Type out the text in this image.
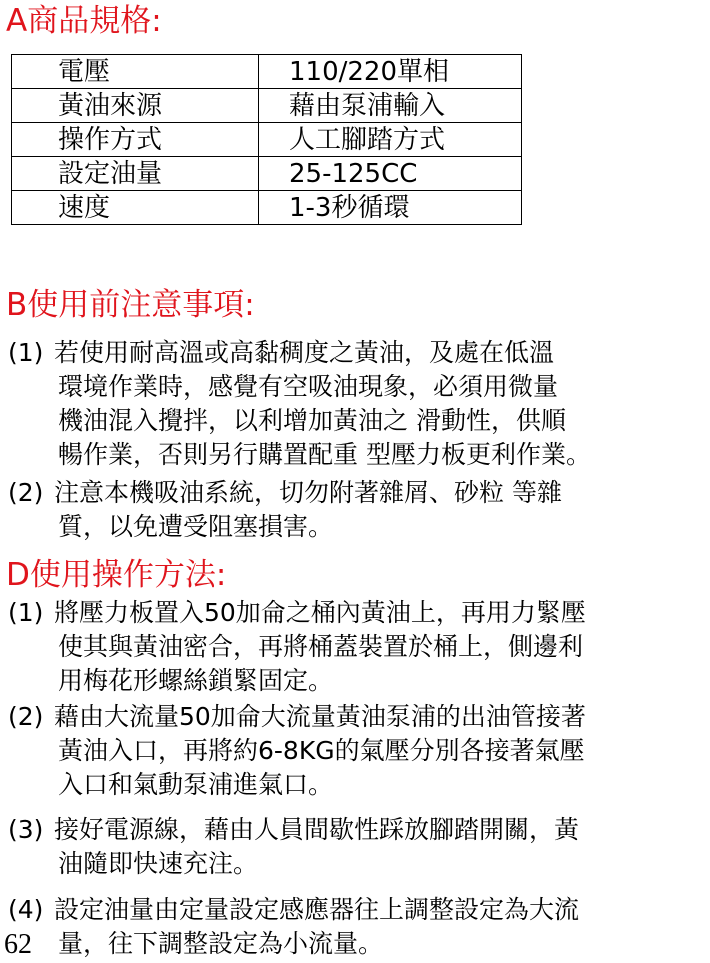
A商品規格:
電壓	110/220單相
黃油來源	藉由泵浦輸入
操作方式	人工腳踏方式
設定油量	25-125CC
速度	1-3秒循環
B使用前注意事項:
(1) 若使用耐高溫或高黏稠度之黃油，及處在低溫
環境作業時，感覺有空吸油現象，必須用微量
機油混入攪拌，以利增加黃油之 滑動性，供順
暢作業，否則另行購置配重 型壓力板更利作業。
(2) 注意本機吸油系統，切勿附著雜屑、砂粒 等雜
質，以免遭受阻塞損害。
D使用操作方法:
(1) 將壓力板置入50加侖之桶內黃油上，再用力緊壓
使其與黃油密合，再將桶蓋裝置於桶上，側邊利
用梅花形螺絲鎖緊固定。
(2) 藉由大流量50加侖大流量黃油泵浦的出油管接著
黃油入口，再將約6-8KG的氣壓分別各接著氣壓
入口和氣動泵浦進氣口。
(3) 接好電源線，藉由人員間歇性踩放腳踏開關，黃
油隨即快速充注。
(4) 設定油量由定量設定感應器往上調整設定為大流
量，往下調整設定為小流量。
62
